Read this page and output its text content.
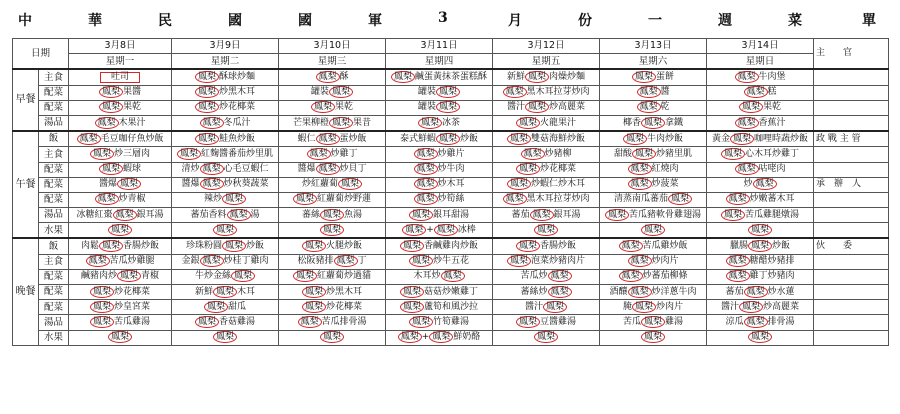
中	華	民	國	國	軍	3	月	份	一	週	菜	單
日期		3月8日	3月9日	3月10日	3月11日	3月12日	3月13日	3月14日	主　　官
		星期一	星期二	星期三	星期四	星期五	星期六	星期日	
早餐	主食	吐司	鳳梨 酥球炒麵	鳳梨 酥	鳳梨 鹹蛋黃抹茶蛋糕酥	新鮮 鳳梨 肉燥炒麵	鳳梨 蛋餅	鳳梨 牛肉堡	
	配菜	鳳梨 果醬	鳳梨 炒黑木耳	罐裝 鳳梨	罐裝 鳳梨	鳳梨 黑木耳拉芽炒肉	鳳梨 醬	鳳梨 糕	
	配菜	鳳梨 果乾	鳳梨 炒花椰菜	鳳梨 果乾	罐裝 鳳梨	醬汁 鳳梨 炒高麗菜	鳳梨 乾	鳳梨 果乾	
	湯品	鳳梨 木果汁	鳳梨 冬瓜汁	芒果柳橙 鳳梨 果昔	鳳梨 冰茶	鳳梨 火龍果汁	椰香 鳳梨 拿鐵	鳳梨 香蕉汁	
午餐	飯	鳳梨 毛豆咖仔魚炒飯	鳳梨 鮭魚炒飯	蝦仁 鳳梨 蛋炒飯	泰式鮮蝦 鳳梨 炒飯	鳳梨 雙菇海鮮炒飯	鳳梨 牛肉炒飯	黃金 鳳梨 咖哩時蔬炒飯	政 戰 主 管
	主食	鳳梨 炒三層肉	鳳梨 紅麴醬番茄炒里肌	鳳梨 炒雞丁	鳳梨 炒雞片	鳳梨 炒豬柳	甜酸 鳳梨 炒豬里肌	鳳梨 心木耳炒雞丁	
	配菜	鳳梨 蝦球	清炒 鳳梨 心毛豆蝦仁	醬爆 鳳梨 炒貝丁	鳳梨 炒牛肉	鳳梨 炒花椰菜	鳳梨 紅燒肉	鳳梨 咕咾肉	
	配菜	醬爆 鳳梨	醬爆 鳳梨 炒秋葵蔬菜	炒紅蘿蔔 鳳梨	鳳梨 炒木耳	鳳梨 炒蝦仁炒木耳	鳳梨 炒菠菜	炒 鳳梨	承　辦　人
	配菜	鳳梨 炒青椒	辣炒 鳳梨	鳳梨 紅蘿蔔炒野蓮	鳳梨 炒筍絲	鳳梨 黑木耳拉芽炒肉	清蒸南瓜蕃茄 鳳梨	鳳梨 炒嫩蕃木耳	
	湯品	冰糖紅棗 鳳梨 銀耳湯	蕃茄香料 鳳梨 湯	蕃絲 鳳梨 魚湯	鳳梨 銀耳甜湯	蕃茄 鳳梨 銀耳湯	鳳梨 苦瓜豬軟骨雞翅湯	鳳梨 苦瓜雞腿燉湯	
	水果	鳳梨	鳳梨	鳳梨	鳳梨 + 鳳梨 冰棒	鳳梨	鳳梨	鳳梨	
晚餐	飯	肉鬆 鳳梨 香腸炒飯	珍珠粉圓 鳳梨 炒飯	鳳梨 火腿炒飯	鳳梨 香鹹雞肉炒飯	鳳梨 香腸炒飯	鳳梨 苦瓜雞炒飯	臘腸 鳳梨 炒飯	伙　　委
	主食	鳳梨 苦瓜炒雞腿	金銀 鳳梨 炒桂丁雞肉	松阪豬排 鳳梨 丁	鳳梨 炒牛五花	鳳梨 泡菜炒豬肉片	鳳梨 炒肉片	鳳梨 糖醋炒豬排	
	配菜	鹹豬肉炒 鳳梨 青椒	牛炒金絲 鳳梨	鳳梨 紅蘿蔔炒過貓	木耳炒 鳳梨	苦瓜炒 鳳梨	鳳梨 炒蕃茄柳條	鳳梨 雞丁炒豬肉	
	配菜	鳳梨 炒花椰菜	新鮮 鳳梨 木耳	鳳梨 炒黑木耳	鳳梨 菇菇炒嫩雞丁	蕃絲炒 鳳梨	酒釀 鳳梨 炒洋蔥牛肉	蕃茄 鳳梨 炒水蓮	
	配菜	鳳梨 炒皇宮菜	鳳梨 甜瓜	鳳梨 炒花椰菜	鳳梨 蘆筍和風沙拉	醬汁 鳳梨	腌 鳳梨 炒肉片	醬汁 鳳梨 炒高麗菜	
	湯品	鳳梨 苦瓜雞湯	鳳梨 香菇雞湯	鳳梨 苦瓜排骨湯	鳳梨 竹筍雞湯	鳳梨 豆醬雞湯	苦瓜 鳳梨 雞湯	涼瓜 鳳梨 排骨湯	
	水果	鳳梨	鳳梨	鳳梨	鳳梨 + 鳳梨 鮮奶酪	鳳梨	鳳梨	鳳梨	
